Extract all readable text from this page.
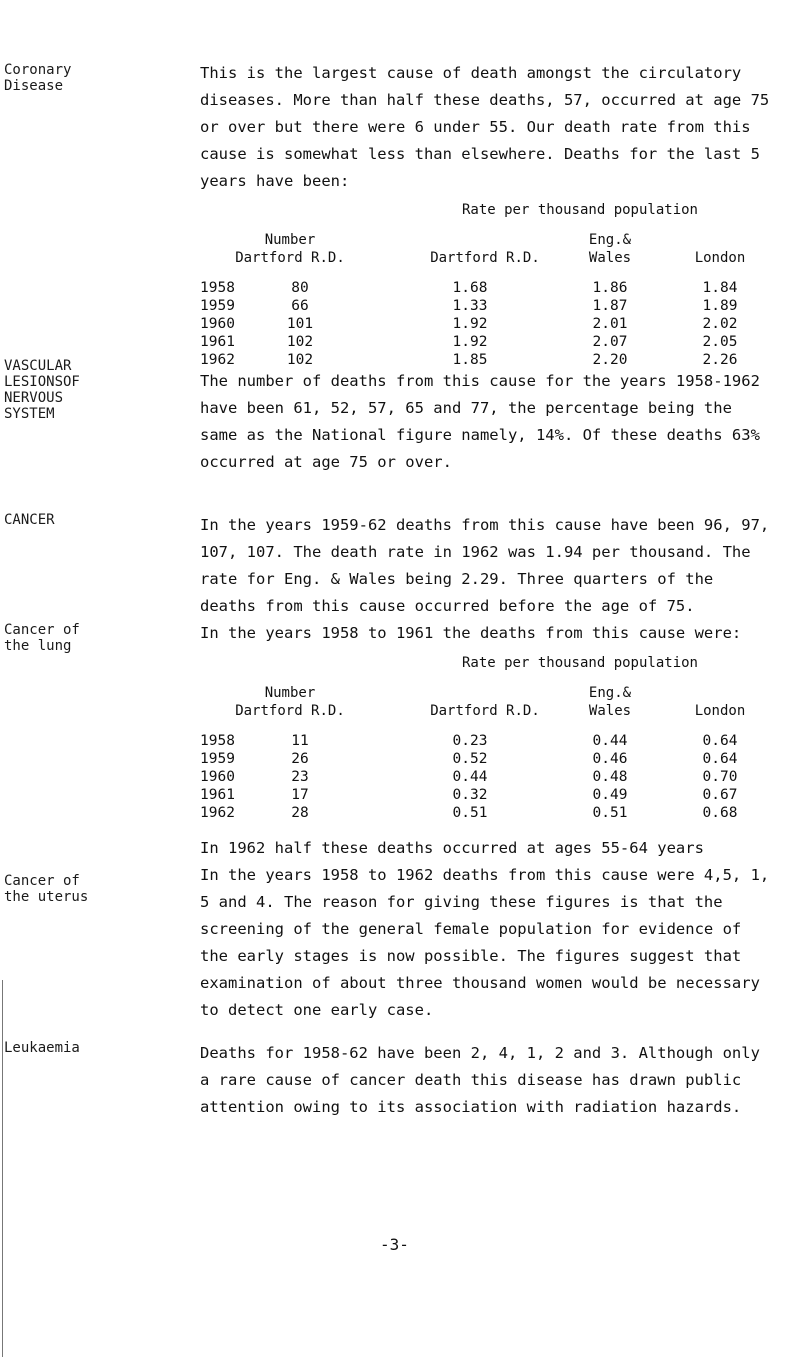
Coronary Disease
VASCULAR LESIONSOF NERVOUS SYSTEM
CANCER
Cancer of the lung
Cancer of the uterus
Leukaemia

This is the largest cause of death amongst the circulatory diseases. More than half these deaths, 57, occurred at age 75 or over but there were 6 under 55. Our death rate from this cause is somewhat less than elsewhere. Deaths for the last 5 years have been:

Rate per thousand population
Number
Dartford R.D.	Dartford R.D.
Eng.&
Wales	London
1958	80	1.68	1.86	1.84
1959	66	1.33	1.87	1.89
1960	101	1.92	2.01	2.02
1961	102	1.92	2.07	2.05
1962	102	1.85	2.20	2.26

The number of deaths from this cause for the years 1958-1962 have been 61, 52, 57, 65 and 77, the percentage being the same as the National figure namely, 14%. Of these deaths 63% occurred at age 75 or over.

In the years 1959-62 deaths from this cause have been 96, 97, 107, 107. The death rate in 1962 was 1.94 per thousand. The rate for Eng. & Wales being 2.29. Three quarters of the deaths from this cause occurred before the age of 75.

In the years 1958 to 1961 the deaths from this cause were:

Rate per thousand population
Number
Dartford R.D.	Dartford R.D.
Eng.&
Wales	London
1958	11	0.23	0.44	0.64
1959	26	0.52	0.46	0.64
1960	23	0.44	0.48	0.70
1961	17	0.32	0.49	0.67
1962	28	0.51	0.51	0.68

In 1962 half these deaths occurred at ages 55-64 years

In the years 1958 to 1962 deaths from this cause were 4,5, 1, 5 and 4. The reason for giving these figures is that the screening of the general female population for evidence of the early stages is now possible. The figures suggest that examination of about three thousand women would be necessary to detect one early case.

Deaths for 1958-62 have been 2, 4, 1, 2 and 3. Although only a rare cause of cancer death this disease has drawn public attention owing to its association with radiation hazards.

-3-
